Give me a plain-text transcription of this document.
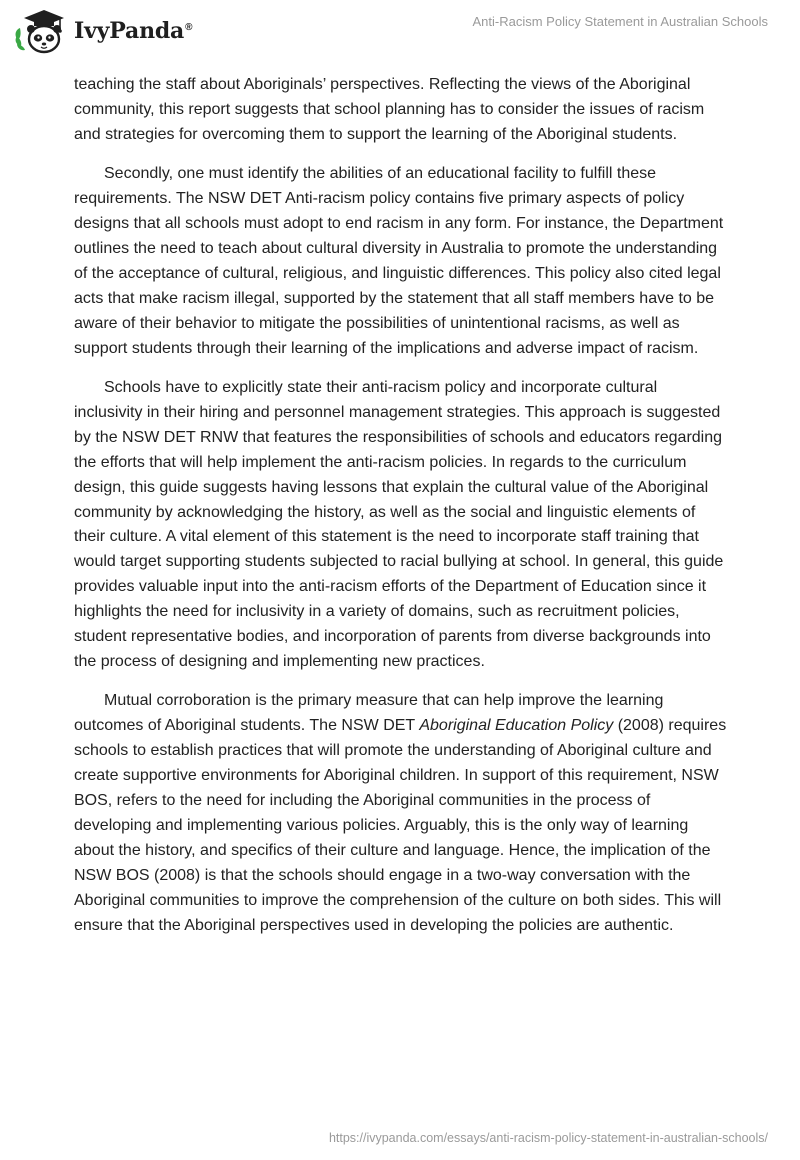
IvyPanda®	Anti-Racism Policy Statement in Australian Schools

teaching the staff about Aboriginals’ perspectives. Reflecting the views of the Aboriginal community, this report suggests that school planning has to consider the issues of racism and strategies for overcoming them to support the learning of the Aboriginal students.

Secondly, one must identify the abilities of an educational facility to fulfill these requirements. The NSW DET Anti-racism policy contains five primary aspects of policy designs that all schools must adopt to end racism in any form. For instance, the Department outlines the need to teach about cultural diversity in Australia to promote the understanding of the acceptance of cultural, religious, and linguistic differences. This policy also cited legal acts that make racism illegal, supported by the statement that all staff members have to be aware of their behavior to mitigate the possibilities of unintentional racisms, as well as support students through their learning of the implications and adverse impact of racism.

Schools have to explicitly state their anti-racism policy and incorporate cultural inclusivity in their hiring and personnel management strategies. This approach is suggested by the NSW DET RNW that features the responsibilities of schools and educators regarding the efforts that will help implement the anti-racism policies. In regards to the curriculum design, this guide suggests having lessons that explain the cultural value of the Aboriginal community by acknowledging the history, as well as the social and linguistic elements of their culture. A vital element of this statement is the need to incorporate staff training that would target supporting students subjected to racial bullying at school. In general, this guide provides valuable input into the anti-racism efforts of the Department of Education since it highlights the need for inclusivity in a variety of domains, such as recruitment policies, student representative bodies, and incorporation of parents from diverse backgrounds into the process of designing and implementing new practices.

Mutual corroboration is the primary measure that can help improve the learning outcomes of Aboriginal students. The NSW DET Aboriginal Education Policy (2008) requires schools to establish practices that will promote the understanding of Aboriginal culture and create supportive environments for Aboriginal children. In support of this requirement, NSW BOS, refers to the need for including the Aboriginal communities in the process of developing and implementing various policies. Arguably, this is the only way of learning about the history, and specifics of their culture and language. Hence, the implication of the NSW BOS (2008) is that the schools should engage in a two-way conversation with the Aboriginal communities to improve the comprehension of the culture on both sides. This will ensure that the Aboriginal perspectives used in developing the policies are authentic.

https://ivypanda.com/essays/anti-racism-policy-statement-in-australian-schools/
